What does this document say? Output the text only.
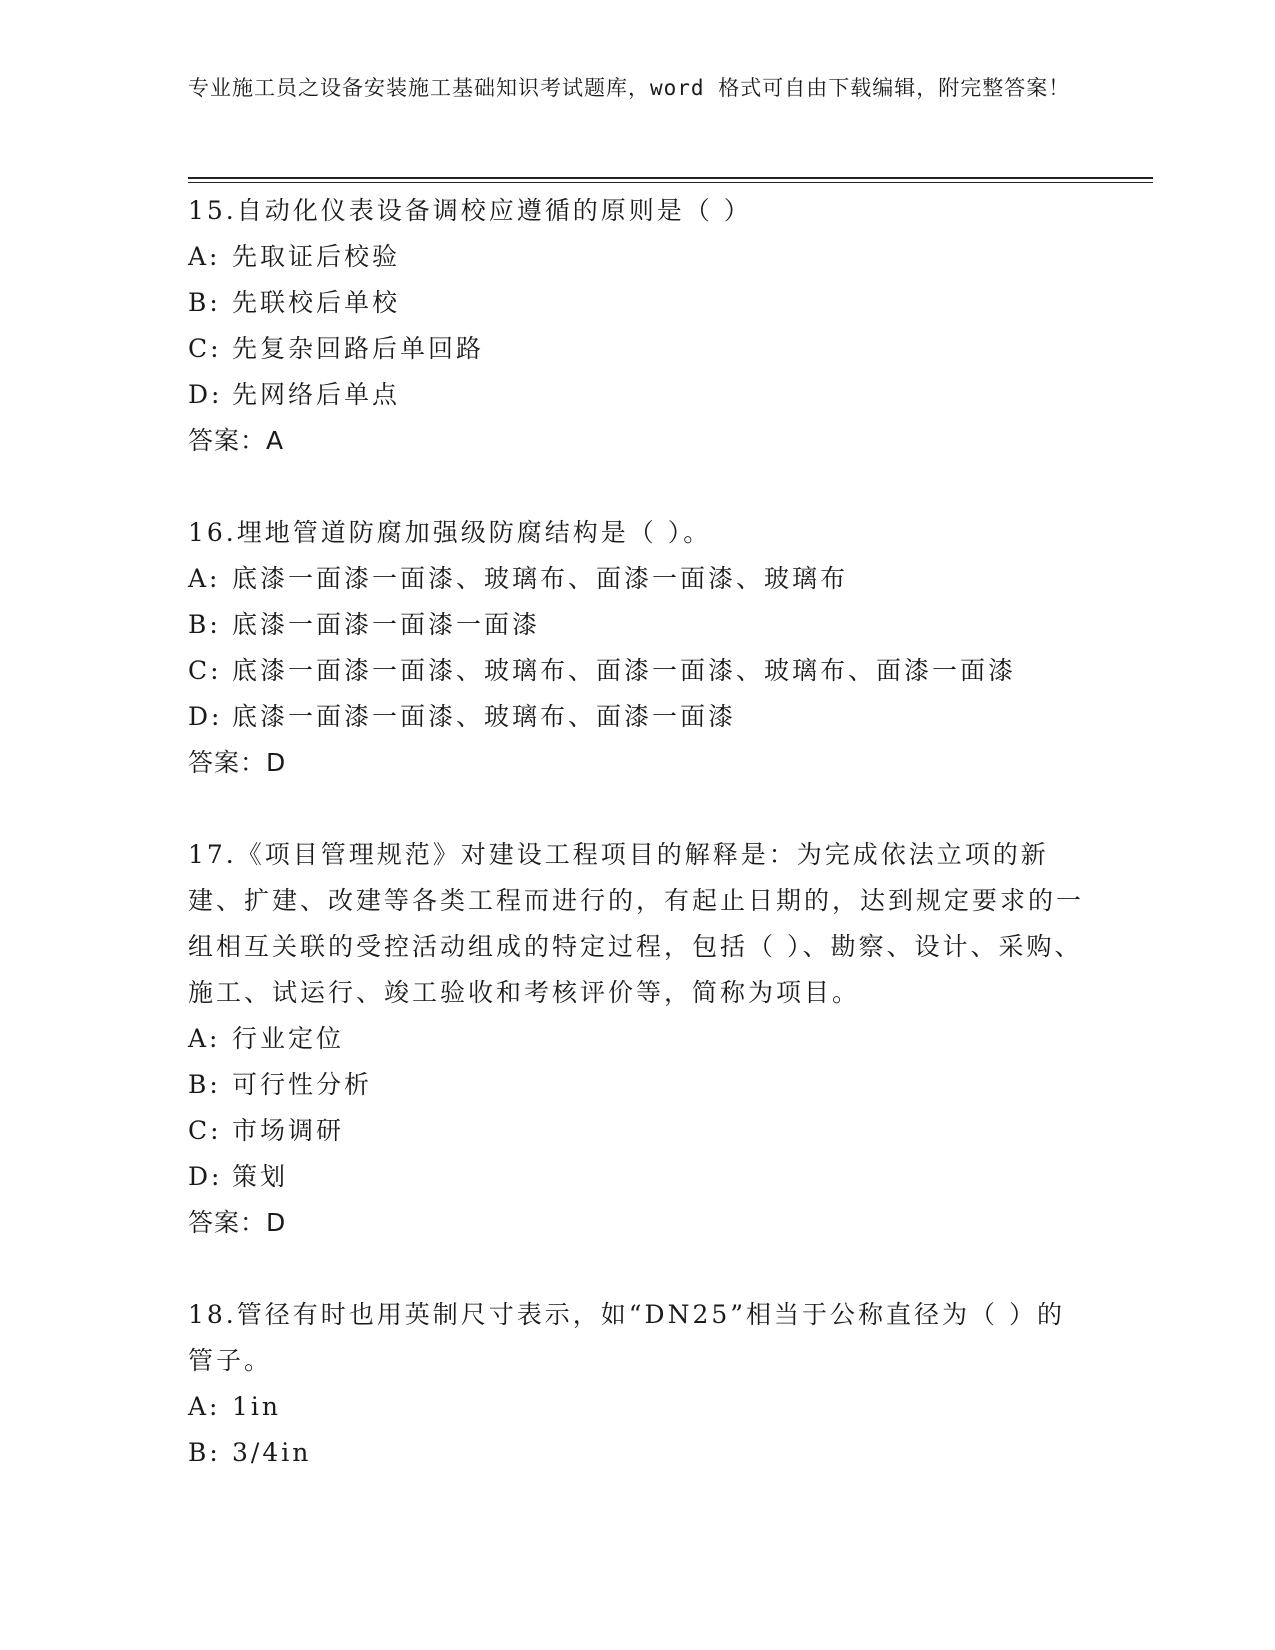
专业施工员之设备安装施工基础知识考试题库，word 格式可自由下载编辑，附完整答案！

15.自动化仪表设备调校应遵循的原则是（ ）

A: 先取证后校验

B: 先联校后单校

C: 先复杂回路后单回路

D: 先网络后单点

答案：A

16.埋地管道防腐加强级防腐结构是（ ）。

A: 底漆一面漆一面漆、玻璃布、面漆一面漆、玻璃布

B: 底漆一面漆一面漆一面漆

C: 底漆一面漆一面漆、玻璃布、面漆一面漆、玻璃布、面漆一面漆

D: 底漆一面漆一面漆、玻璃布、面漆一面漆

答案：D

17.《项目管理规范》对建设工程项目的解释是：为完成依法立项的新建、扩建、改建等各类工程而进行的，有起止日期的，达到规定要求的一组相互关联的受控活动组成的特定过程，包括（ ）、勘察、设计、采购、施工、试运行、竣工验收和考核评价等，简称为项目。

A: 行业定位

B: 可行性分析

C: 市场调研

D: 策划

答案：D

18.管径有时也用英制尺寸表示，如“DN25”相当于公称直径为（ ）的管子。

A: 1in

B: 3/4in
